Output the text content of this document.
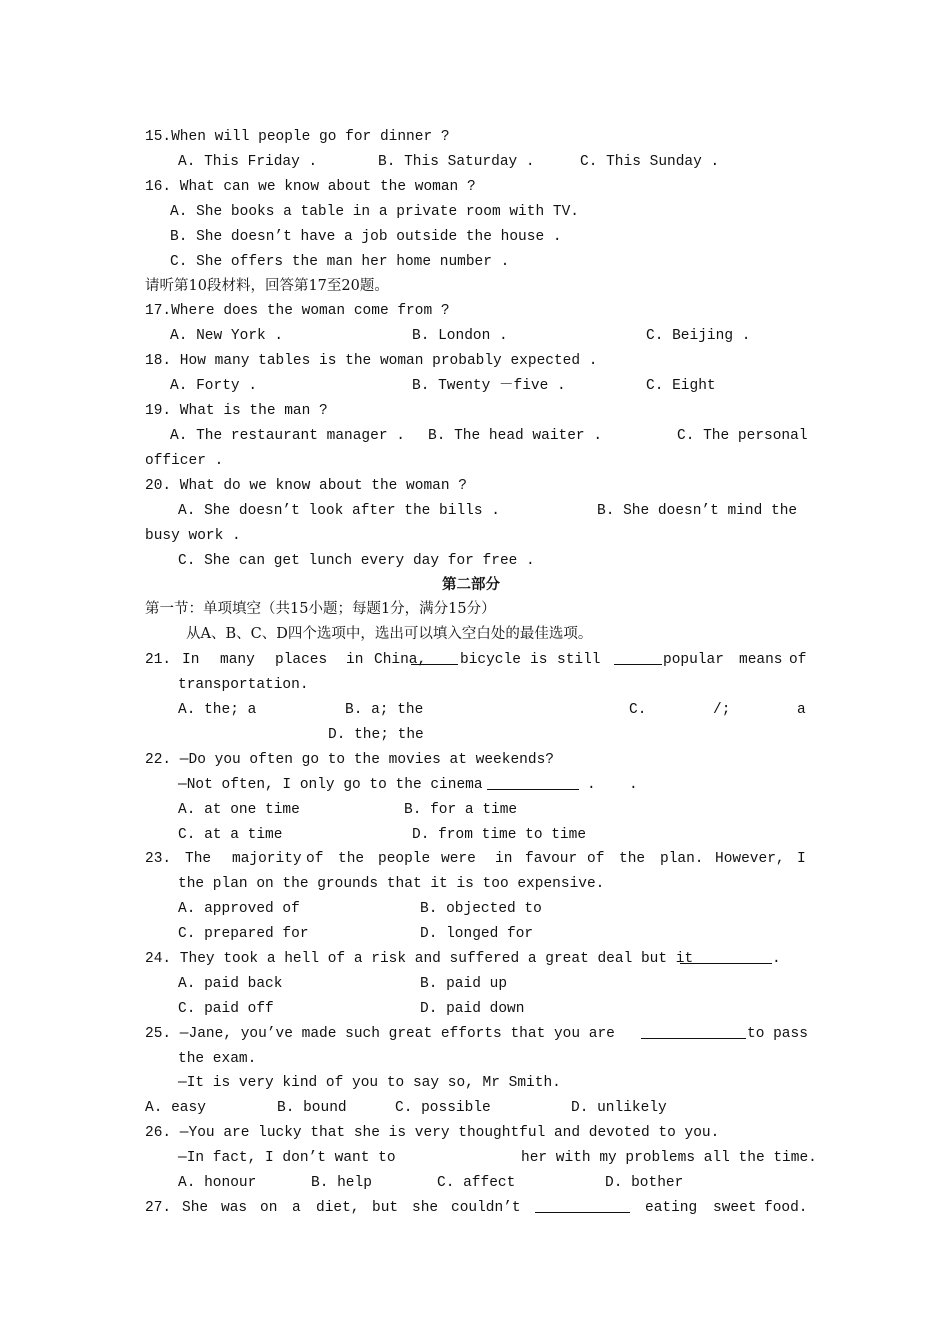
15.When will people go for dinner ?
A. This Friday .	B. This Saturday .	C. This Sunday .
16. What can we know about the woman ?
A. She books a table in a private room with TV.
B. She doesn’t have a job outside the house .
C. She offers the man her home number .
请听第10段材料，回答第17至20题。
17.Where does the woman come from ?
A. New York .	B. London .	C. Beijing .
18. How many tables is the woman probably expected .
A. Forty .	B. Twenty －five .	C. Eight
19. What is the man ?
A. The restaurant manager . B. The head waiter .	C. The personal
officer .
20. What do we know about the woman ?
A. She doesn’t look after the bills .	B. She doesn’t mind the
busy work .
C. She can get lunch every day for free .
第二部分
第一节：单项填空（共15小题；每题1分，满分15分）
从A、B、C、D四个选项中，选出可以填入空白处的最佳选项。
21. In many places in China, bicycle is still	popular means of
transportation.
A. the; a	B. a; the	C.	/;	a
D. the; the
22. —Do you often go to the movies at weekends?
—Not often, I only go to the cinema	. .
A. at one time	B. for a time
C. at a time	D. from time to time
23. The majority of the people were in favour of the plan. However, I
the plan on the grounds that it is too expensive.
A. approved of	B. objected to
C. prepared for	D. longed for
24. They took a hell of a risk and suffered a great deal but it	.
A. paid back	B. paid up
C. paid off	D. paid down
25. —Jane, you’ve made such great efforts that you are	to pass
the exam.
—It is very kind of you to say so, Mr Smith.
A. easy	B. bound	C. possible	D. unlikely
26. —You are lucky that she is very thoughtful and devoted to you.
—In fact, I don’t want to	her with my problems all the time.
A. honour	B. help	C. affect	D. bother
27. She was on a diet, but she couldn’t	eating sweet food.
